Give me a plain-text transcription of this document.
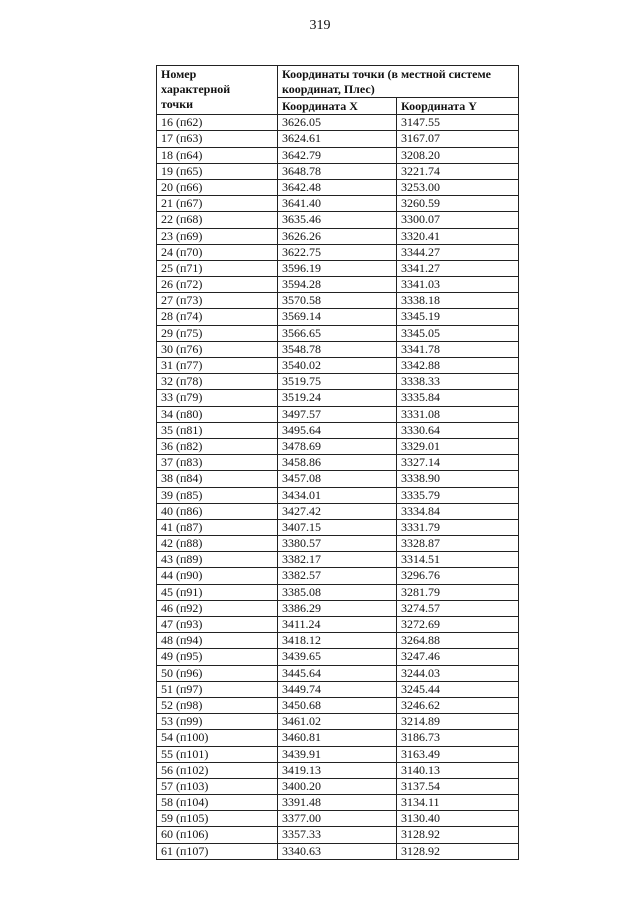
319
Номер характерной точки	Координаты точки (в местной системе координат, Плес)	
	Координата X	Координата Y
16 (п62)	3626.05	3147.55
17 (п63)	3624.61	3167.07
18 (п64)	3642.79	3208.20
19 (п65)	3648.78	3221.74
20 (п66)	3642.48	3253.00
21 (п67)	3641.40	3260.59
22 (п68)	3635.46	3300.07
23 (п69)	3626.26	3320.41
24 (п70)	3622.75	3344.27
25 (п71)	3596.19	3341.27
26 (п72)	3594.28	3341.03
27 (п73)	3570.58	3338.18
28 (п74)	3569.14	3345.19
29 (п75)	3566.65	3345.05
30 (п76)	3548.78	3341.78
31 (п77)	3540.02	3342.88
32 (п78)	3519.75	3338.33
33 (п79)	3519.24	3335.84
34 (п80)	3497.57	3331.08
35 (п81)	3495.64	3330.64
36 (п82)	3478.69	3329.01
37 (п83)	3458.86	3327.14
38 (п84)	3457.08	3338.90
39 (п85)	3434.01	3335.79
40 (п86)	3427.42	3334.84
41 (п87)	3407.15	3331.79
42 (п88)	3380.57	3328.87
43 (п89)	3382.17	3314.51
44 (п90)	3382.57	3296.76
45 (п91)	3385.08	3281.79
46 (п92)	3386.29	3274.57
47 (п93)	3411.24	3272.69
48 (п94)	3418.12	3264.88
49 (п95)	3439.65	3247.46
50 (п96)	3445.64	3244.03
51 (п97)	3449.74	3245.44
52 (п98)	3450.68	3246.62
53 (п99)	3461.02	3214.89
54 (п100)	3460.81	3186.73
55 (п101)	3439.91	3163.49
56 (п102)	3419.13	3140.13
57 (п103)	3400.20	3137.54
58 (п104)	3391.48	3134.11
59 (п105)	3377.00	3130.40
60 (п106)	3357.33	3128.92
61 (п107)	3340.63	3128.92
